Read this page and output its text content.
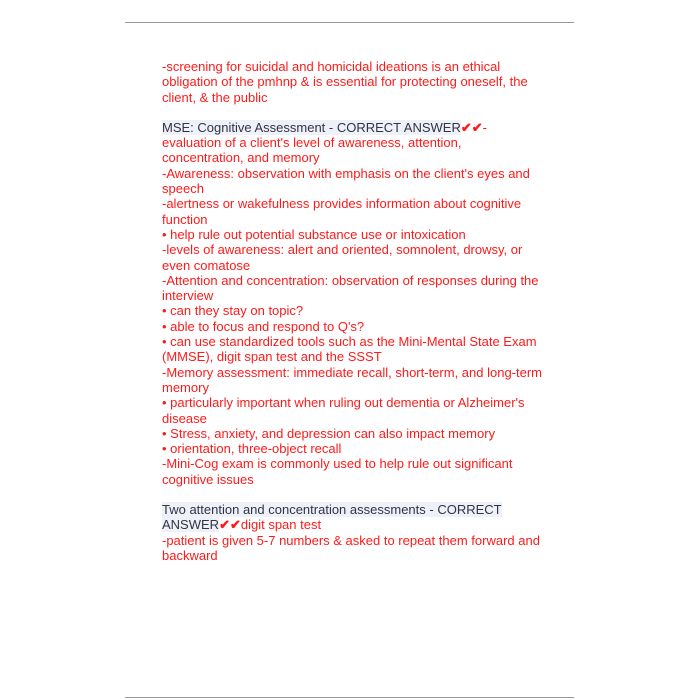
-screening for suicidal and homicidal ideations is an ethical
obligation of the pmhnp & is essential for protecting oneself, the
client, & the public
MSE: Cognitive Assessment - CORRECT ANSWER✔✔-
evaluation of a client's level of awareness, attention,
concentration, and memory
-Awareness: observation with emphasis on the client's eyes and
speech
-alertness or wakefulness provides information about cognitive
function
• help rule out potential substance use or intoxication
-levels of awareness: alert and oriented, somnolent, drowsy, or
even comatose
-Attention and concentration: observation of responses during the
interview
• can they stay on topic?
• able to focus and respond to Q's?
• can use standardized tools such as the Mini-Mental State Exam
(MMSE), digit span test and the SSST
-Memory assessment: immediate recall, short-term, and long-term
memory
• particularly important when ruling out dementia or Alzheimer's
disease
• Stress, anxiety, and depression can also impact memory
• orientation, three-object recall
-Mini-Cog exam is commonly used to help rule out significant
cognitive issues
Two attention and concentration assessments - CORRECT
ANSWER✔✔digit span test
-patient is given 5-7 numbers & asked to repeat them forward and
backward
